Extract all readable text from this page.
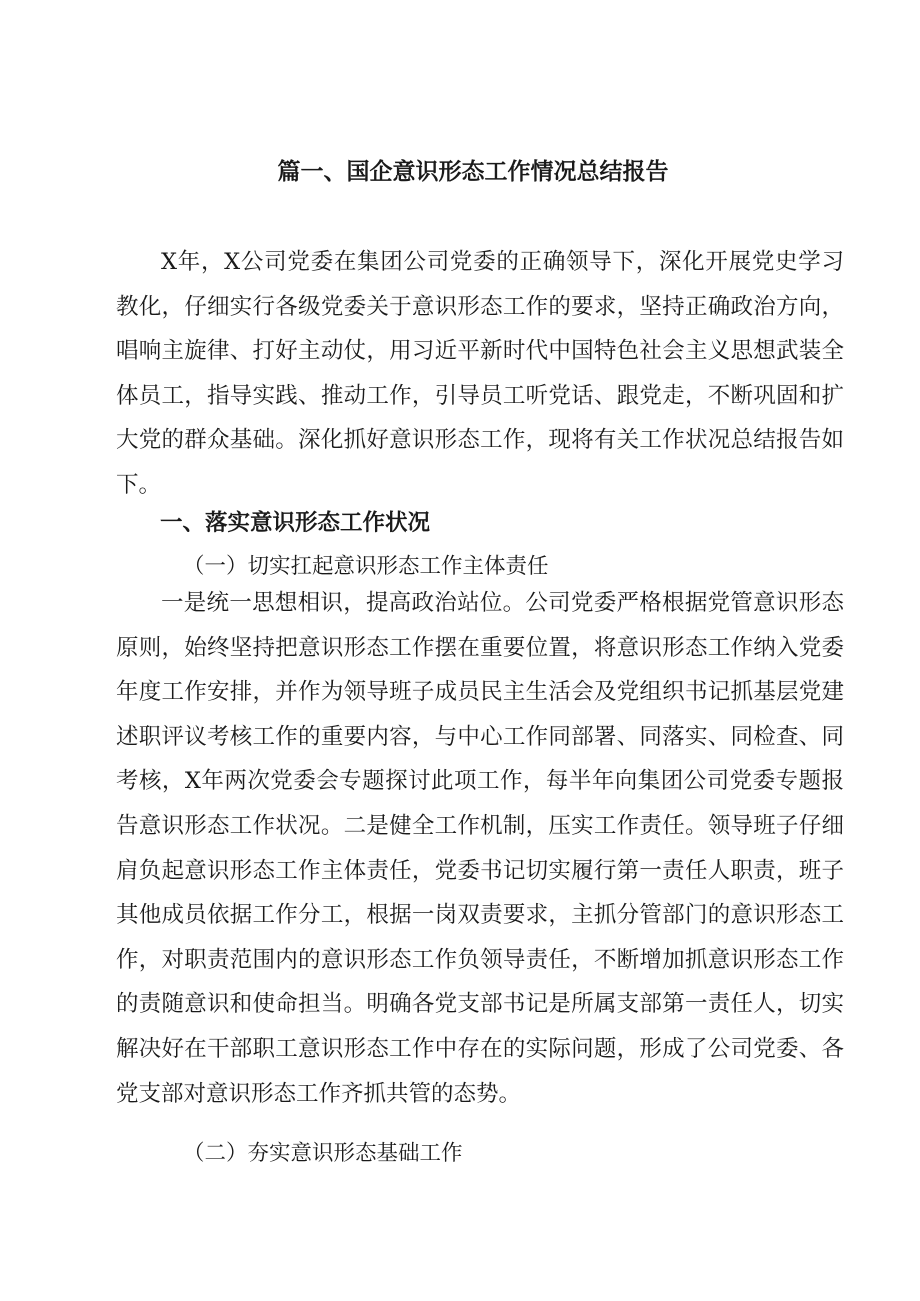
篇一、国企意识形态工作情况总结报告
X年，X公司党委在集团公司党委的正确领导下，深化开展党史学习教化，仔细实行各级党委关于意识形态工作的要求，坚持正确政治方向，唱响主旋律、打好主动仗，用习近平新时代中国特色社会主义思想武装全体员工，指导实践、推动工作，引导员工听党话、跟党走，不断巩固和扩大党的群众基础。深化抓好意识形态工作，现将有关工作状况总结报告如下。
一、落实意识形态工作状况
（一）切实扛起意识形态工作主体责任
一是统一思想相识，提高政治站位。公司党委严格根据党管意识形态原则，始终坚持把意识形态工作摆在重要位置，将意识形态工作纳入党委年度工作安排，并作为领导班子成员民主生活会及党组织书记抓基层党建述职评议考核工作的重要内容，与中心工作同部署、同落实、同检查、同考核，X年两次党委会专题探讨此项工作，每半年向集团公司党委专题报告意识形态工作状况。二是健全工作机制，压实工作责任。领导班子仔细肩负起意识形态工作主体责任，党委书记切实履行第一责任人职责，班子其他成员依据工作分工，根据一岗双责要求，主抓分管部门的意识形态工作，对职责范围内的意识形态工作负领导责任，不断增加抓意识形态工作的责随意识和使命担当。明确各党支部书记是所属支部第一责任人，切实解决好在干部职工意识形态工作中存在的实际问题，形成了公司党委、各党支部对意识形态工作齐抓共管的态势。
（二）夯实意识形态基础工作
